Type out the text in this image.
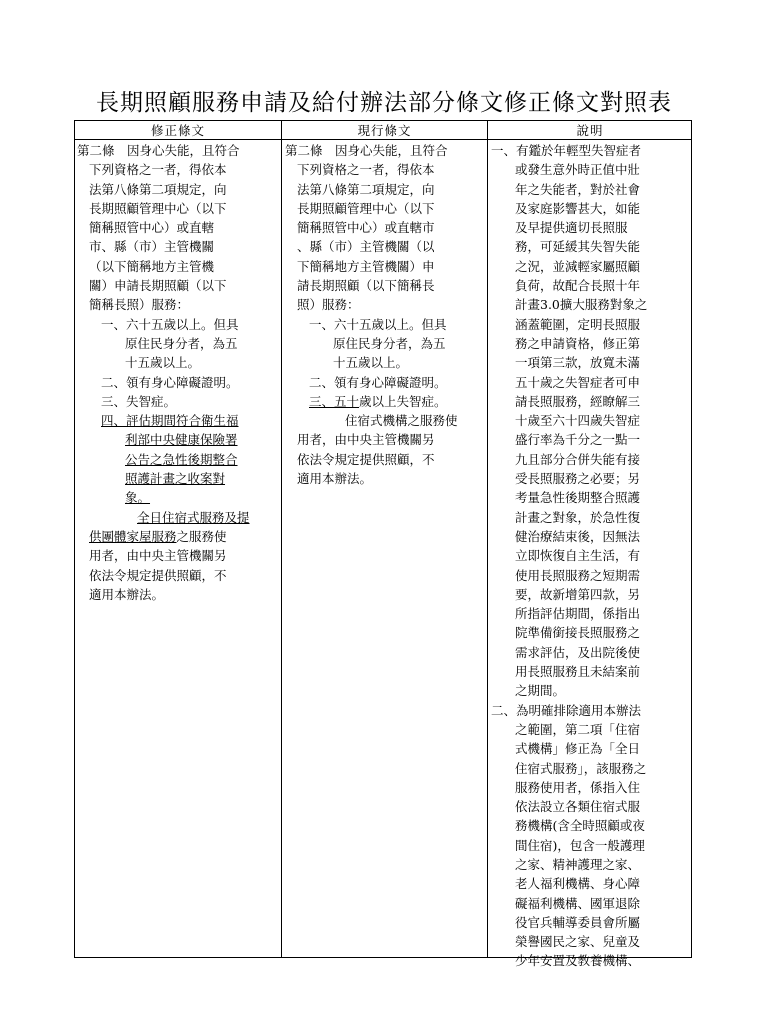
長期照顧服務申請及給付辦法部分條文修正條文對照表
修正條文	現行條文	說明
第二條　因身心失能，且符合
下列資格之一者，得依本
法第八條第二項規定，向
長期照顧管理中心（以下
簡稱照管中心）或直轄
市、縣（市）主管機關
（以下簡稱地方主管機
關）申請長期照顧（以下
簡稱長照）服務：
一、六十五歲以上。但具
原住民身分者，為五
十五歲以上。
二、領有身心障礙證明。
三、失智症。
四、評估期間符合衛生福
利部中央健康保險署
公告之急性後期整合
照護計畫之收案對
象。
全日住宿式服務及提
供團體家屋服務之服務使
用者，由中央主管機關另
依法令規定提供照顧，不
適用本辦法。
第二條　因身心失能，且符合
下列資格之一者，得依本
法第八條第二項規定，向
長期照顧管理中心（以下
簡稱照管中心）或直轄市
、縣（市）主管機關（以
下簡稱地方主管機關）申
請長期照顧（以下簡稱長
照）服務：
一、六十五歲以上。但具
原住民身分者，為五
十五歲以上。
二、領有身心障礙證明。
三、五十歲以上失智症。
住宿式機構之服務使
用者，由中央主管機關另
依法令規定提供照顧，不
適用本辦法。
一、有鑑於年輕型失智症者
或發生意外時正值中壯
年之失能者，對於社會
及家庭影響甚大，如能
及早提供適切長照服
務，可延緩其失智失能
之況，並減輕家屬照顧
負荷，故配合長照十年
計畫3.0擴大服務對象之
涵蓋範圍，定明長照服
務之申請資格，修正第
一項第三款，放寬未滿
五十歲之失智症者可申
請長照服務，經瞭解三
十歲至六十四歲失智症
盛行率為千分之一點一
九且部分合併失能有接
受長照服務之必要；另
考量急性後期整合照護
計畫之對象，於急性復
健治療結束後，因無法
立即恢復自主生活，有
使用長照服務之短期需
要，故新增第四款，另
所指評估期間，係指出
院準備銜接長照服務之
需求評估，及出院後使
用長照服務且未結案前
之期間。
二、為明確排除適用本辦法
之範圍，第二項「住宿
式機構」修正為「全日
住宿式服務」，該服務之
服務使用者，係指入住
依法設立各類住宿式服
務機構(含全時照顧或夜
間住宿)，包含一般護理
之家、精神護理之家、
老人福利機構、身心障
礙福利機構、國軍退除
役官兵輔導委員會所屬
榮譽國民之家、兒童及
少年安置及教養機構、
